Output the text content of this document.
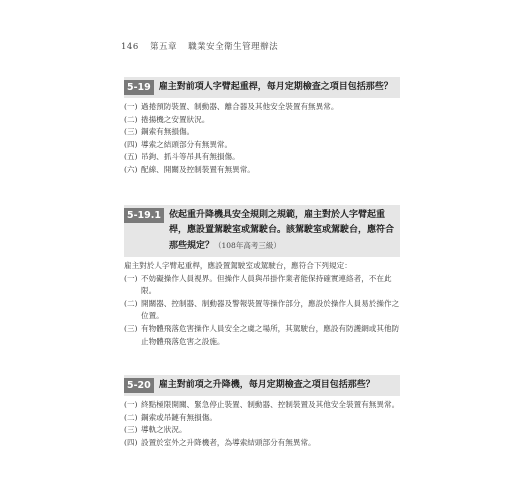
146 第五章 職業安全衛生管理辦法
5-19 雇主對前項人字臂起重桿，每月定期檢查之項目包括那些？
(一) 過捲預防裝置、制動器、離合器及其他安全裝置有無異常。
(二) 捲揚機之安置狀況。
(三) 鋼索有無損傷。
(四) 導索之結頭部分有無異常。
(五) 吊鉤、抓斗等吊具有無損傷。
(六) 配線、開關及控制裝置有無異常。
5-19.1 依起重升降機具安全規則之規範，雇主對於人字臂起重桿，應設置駕駛室或駕駛台。該駕駛室或駕駛台，應符合那些規定？（108年高考三級）
雇主對於人字臂起重桿，應設置駕駛室或駕駛台，應符合下列規定：
(一) 不妨礙操作人員視界。但操作人員與吊掛作業者能保持確實連絡者，不在此限。
(二) 開關器、控制器、制動器及警報裝置等操作部分，應設於操作人員易於操作之位置。
(三) 有物體飛落危害操作人員安全之虞之場所，其駕駛台，應設有防護網或其他防止物體飛落危害之設施。
5-20 雇主對前項之升降機，每月定期檢查之項目包括那些？
(一) 終點極限開關、緊急停止裝置、制動器、控制裝置及其他安全裝置有無異常。
(二) 鋼索或吊鏈有無損傷。
(三) 導軌之狀況。
(四) 設置於室外之升降機者，為導索結頭部分有無異常。
